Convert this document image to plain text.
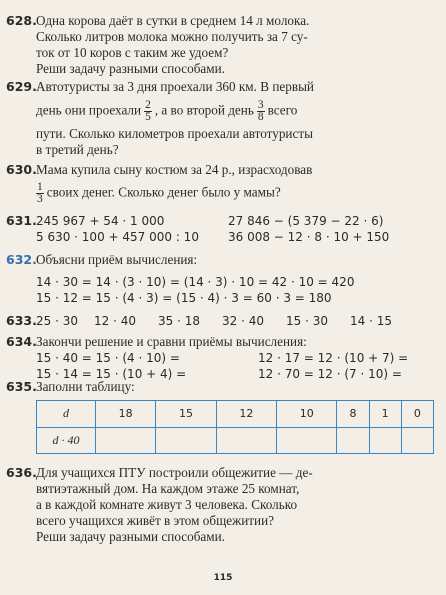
628.Одна корова даёт в сутки в среднем 14 л молока.
Сколько литров молока можно получить за 7 су-
ток от 10 коров с таким же удоем?
Реши задачу разными способами.
629.Автотуристы за 3 дня проехали 360 км. В первый
день они проехали $\frac{2}{5}$ , а во второй день $\frac{3}{8}$ всего
пути. Сколько километров проехали автотуристы
в третий день?
630.Мама купила сыну костюм за 24 р., израсходовав
$\frac{1}{3}$ своих денег. Сколько денег было у мамы?
631.245 967 + 54 · 1 000	27 846 − (5 379 − 22 · 6)
5 630 · 100 + 457 000 : 10	36 008 − 12 · 8 · 10 + 150
632.Объясни приём вычисления:
14 · 30 = 14 · (3 · 10) = (14 · 3) · 10 = 42 · 10 = 420
15 · 12 = 15 · (4 · 3) = (15 · 4) · 3 = 60 · 3 = 180
633.25 · 30 12 · 40 35 · 18 32 · 40 15 · 30 14 · 15
634.Закончи решение и сравни приёмы вычисления:
15 · 40 = 15 · (4 · 10) =	12 · 17 = 12 · (10 + 7) =
15 · 14 = 15 · (10 + 4) =	12 · 70 = 12 · (7 · 10) =
635.Заполни таблицу:
d	18	15	12	10	8	1	0
d · 40							
636.Для учащихся ПТУ построили общежитие — де-
вятиэтажный дом. На каждом этаже 25 комнат,
а в каждой комнате живут 3 человека. Сколько
всего учащихся живёт в этом общежитии?
Реши задачу разными способами.
115
